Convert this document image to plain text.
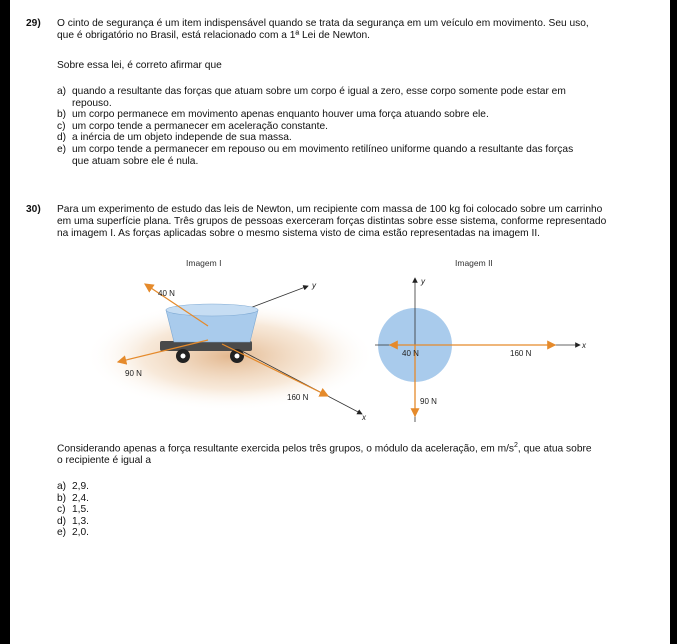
29) O cinto de segurança é um item indispensável quando se trata da segurança em um veículo em movimento. Seu uso,
que é obrigatório no Brasil, está relacionado com a 1ª Lei de Newton.
Sobre essa lei, é correto afirmar que
a) quando a resultante das forças que atuam sobre um corpo é igual a zero, esse corpo somente pode estar em
repouso.
b) um corpo permanece em movimento apenas enquanto houver uma força atuando sobre ele.
c) um corpo tende a permanecer em aceleração constante.
d) a inércia de um objeto independe de sua massa.
e) um corpo tende a permanecer em repouso ou em movimento retilíneo uniforme quando a resultante das forças
que atuam sobre ele é nula.
30) Para um experimento de estudo das leis de Newton, um recipiente com massa de 100 kg foi colocado sobre um carrinho
em uma superfície plana. Três grupos de pessoas exerceram forças distintas sobre esse sistema, conforme representado
na imagem I. As forças aplicadas sobre o mesmo sistema visto de cima estão representadas na imagem II.
Imagem I
40 N
90 N
160 N
y
x
Imagem II
40 N	160 N
90 N
y
x
Considerando apenas a força resultante exercida pelos três grupos, o módulo da aceleração, em $m/s^2$, que atua sobre
o recipiente é igual a
a) 2,9.
b) 2,4.
c) 1,5.
d) 1,3.
e) 2,0.
